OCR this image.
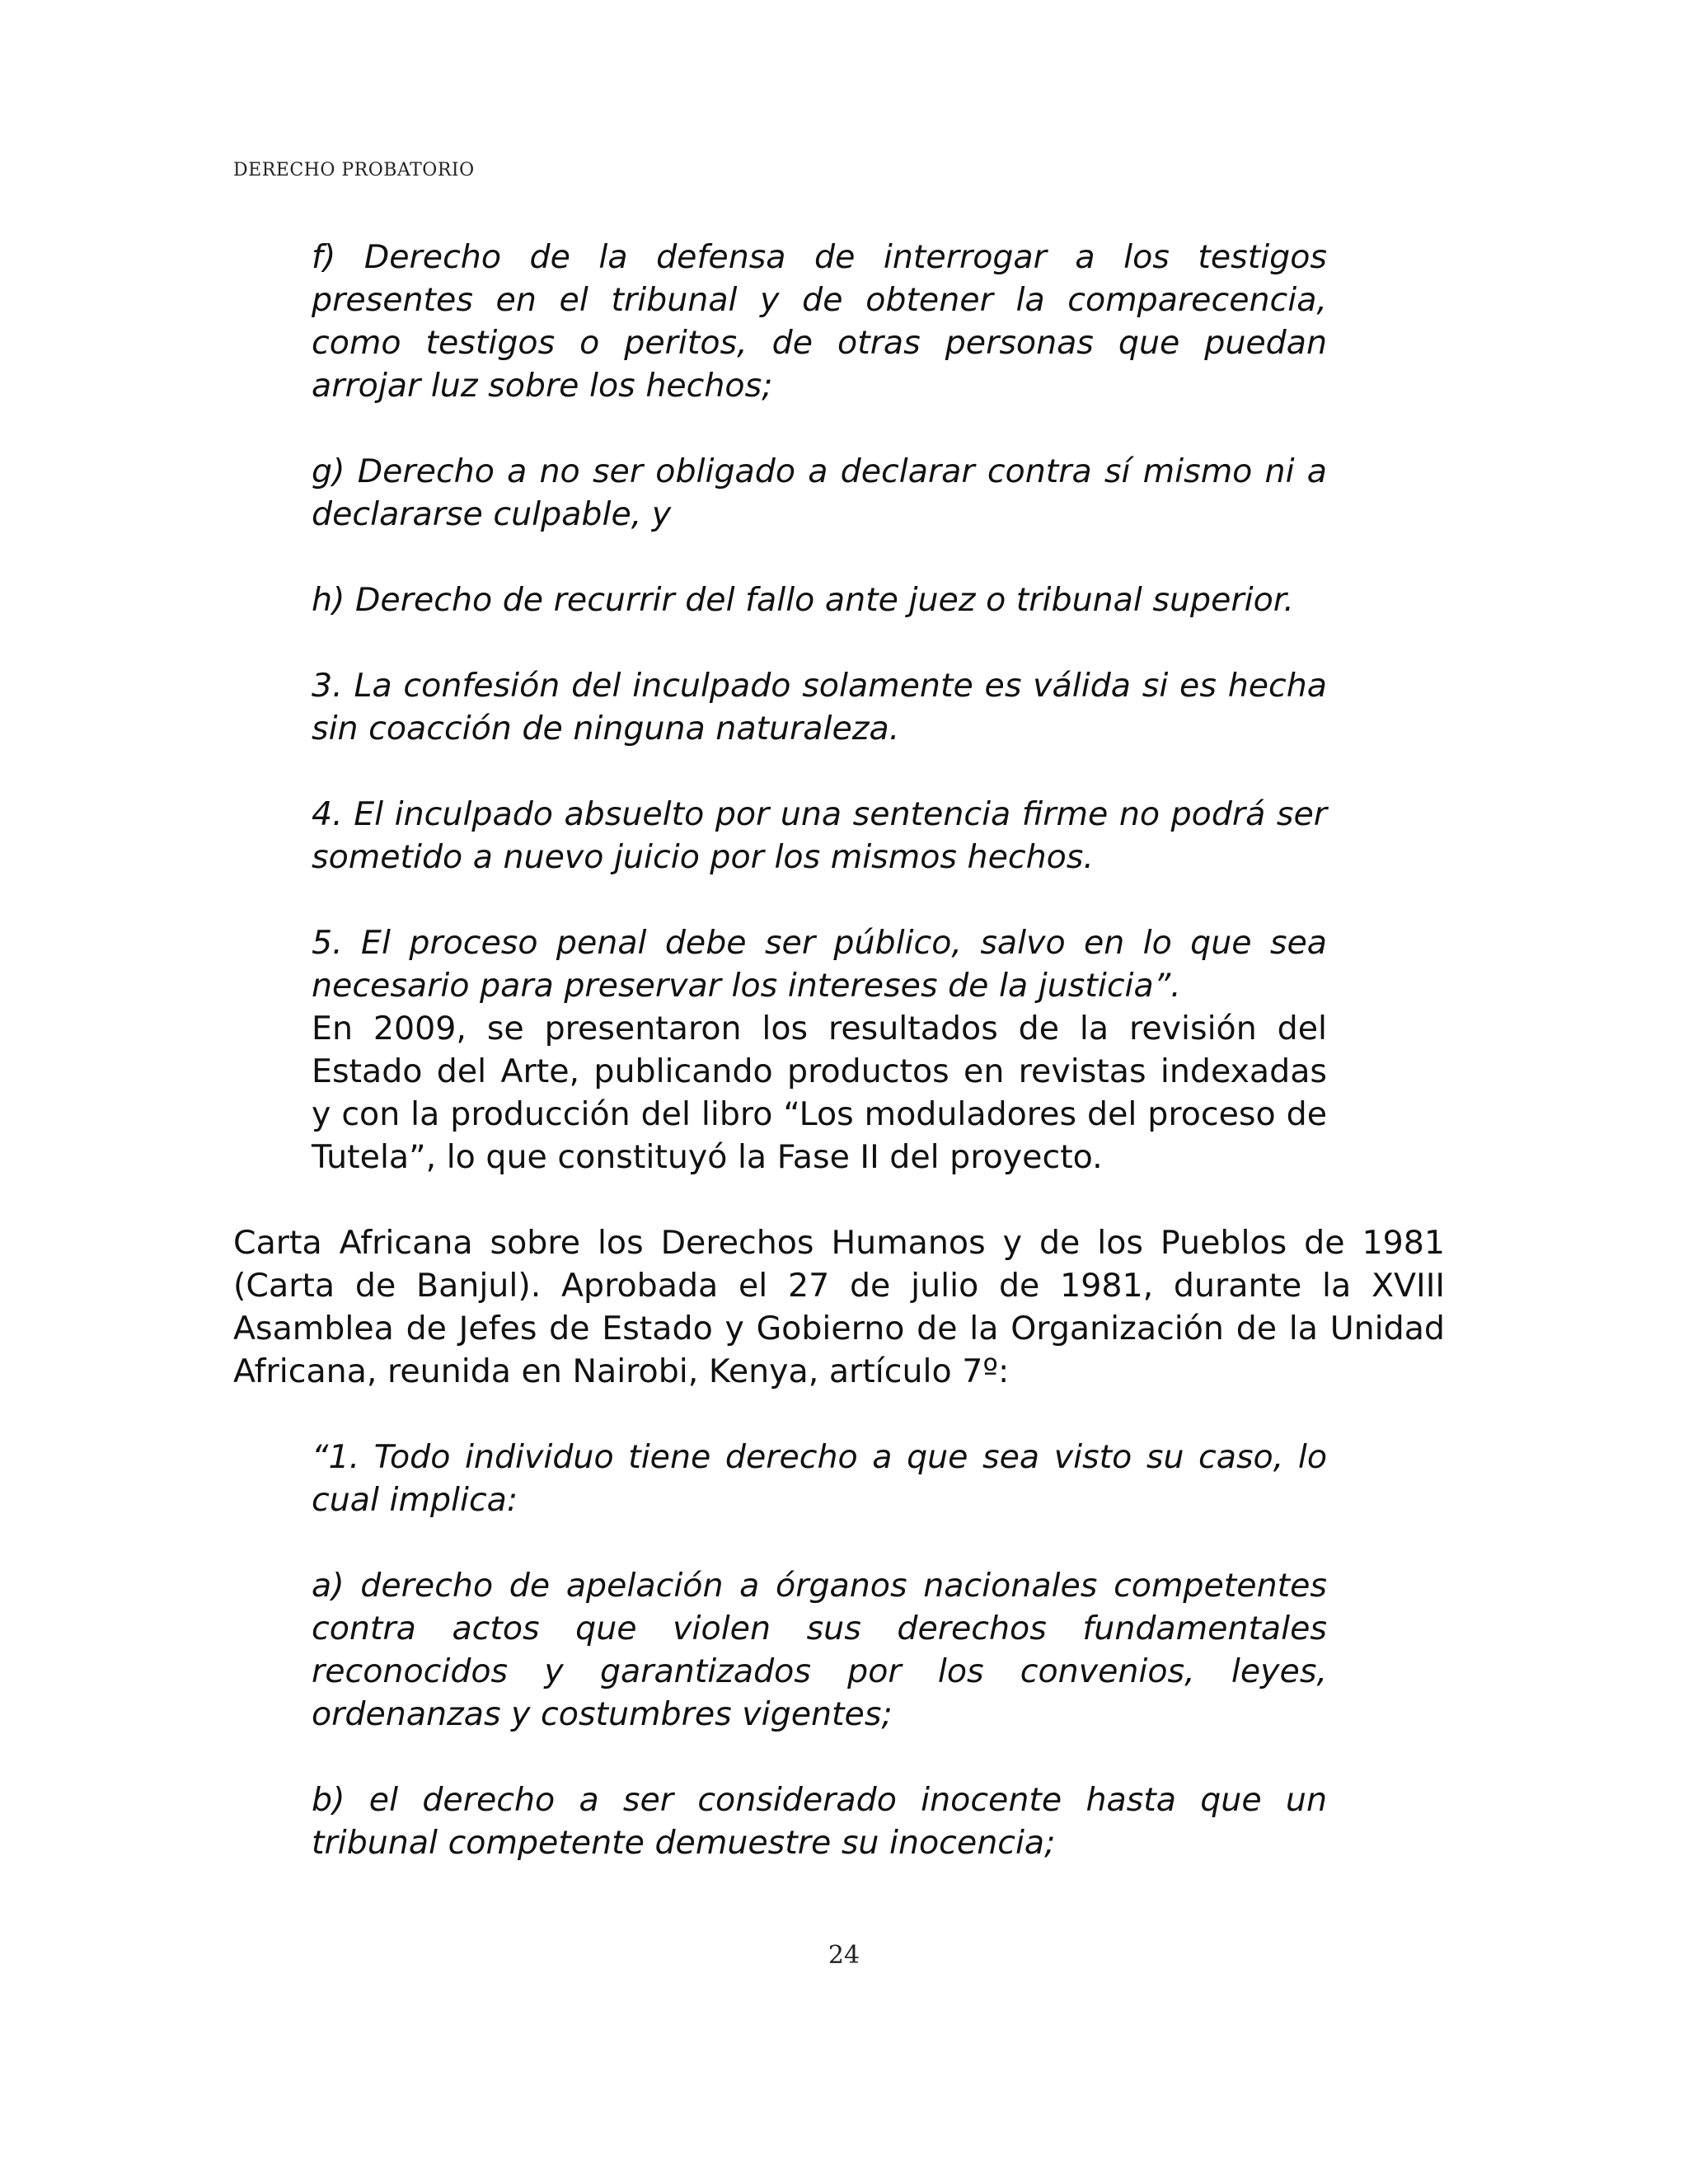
DERECHO PROBATORIO

f) Derecho de la defensa de interrogar a los testigos presentes en el tribunal y de obtener la comparecencia, como testigos o peritos, de otras personas que puedan arrojar luz sobre los hechos;

g) Derecho a no ser obligado a declarar contra sí mismo ni a declararse culpable, y

h) Derecho de recurrir del fallo ante juez o tribunal superior.

3. La confesión del inculpado solamente es válida si es hecha sin coacción de ninguna naturaleza.

4. El inculpado absuelto por una sentencia firme no podrá ser sometido a nuevo juicio por los mismos hechos.

5. El proceso penal debe ser público, salvo en lo que sea necesario para preservar los intereses de la justicia”.

En 2009, se presentaron los resultados de la revisión del Estado del Arte, publicando productos en revistas indexadas y con la producción del libro “Los moduladores del proceso de Tutela”, lo que constituyó la Fase II del proyecto.

Carta Africana sobre los Derechos Humanos y de los Pueblos de 1981 (Carta de Banjul). Aprobada el 27 de julio de 1981, durante la XVIII Asamblea de Jefes de Estado y Gobierno de la Organización de la Unidad Africana, reunida en Nairobi, Kenya, artículo 7º:

“1. Todo individuo tiene derecho a que sea visto su caso, lo cual implica:

a) derecho de apelación a órganos nacionales competentes contra actos que violen sus derechos fundamentales reconocidos y garantizados por los convenios, leyes, ordenanzas y costumbres vigentes;

b) el derecho a ser considerado inocente hasta que un tribunal competente demuestre su inocencia;

24
